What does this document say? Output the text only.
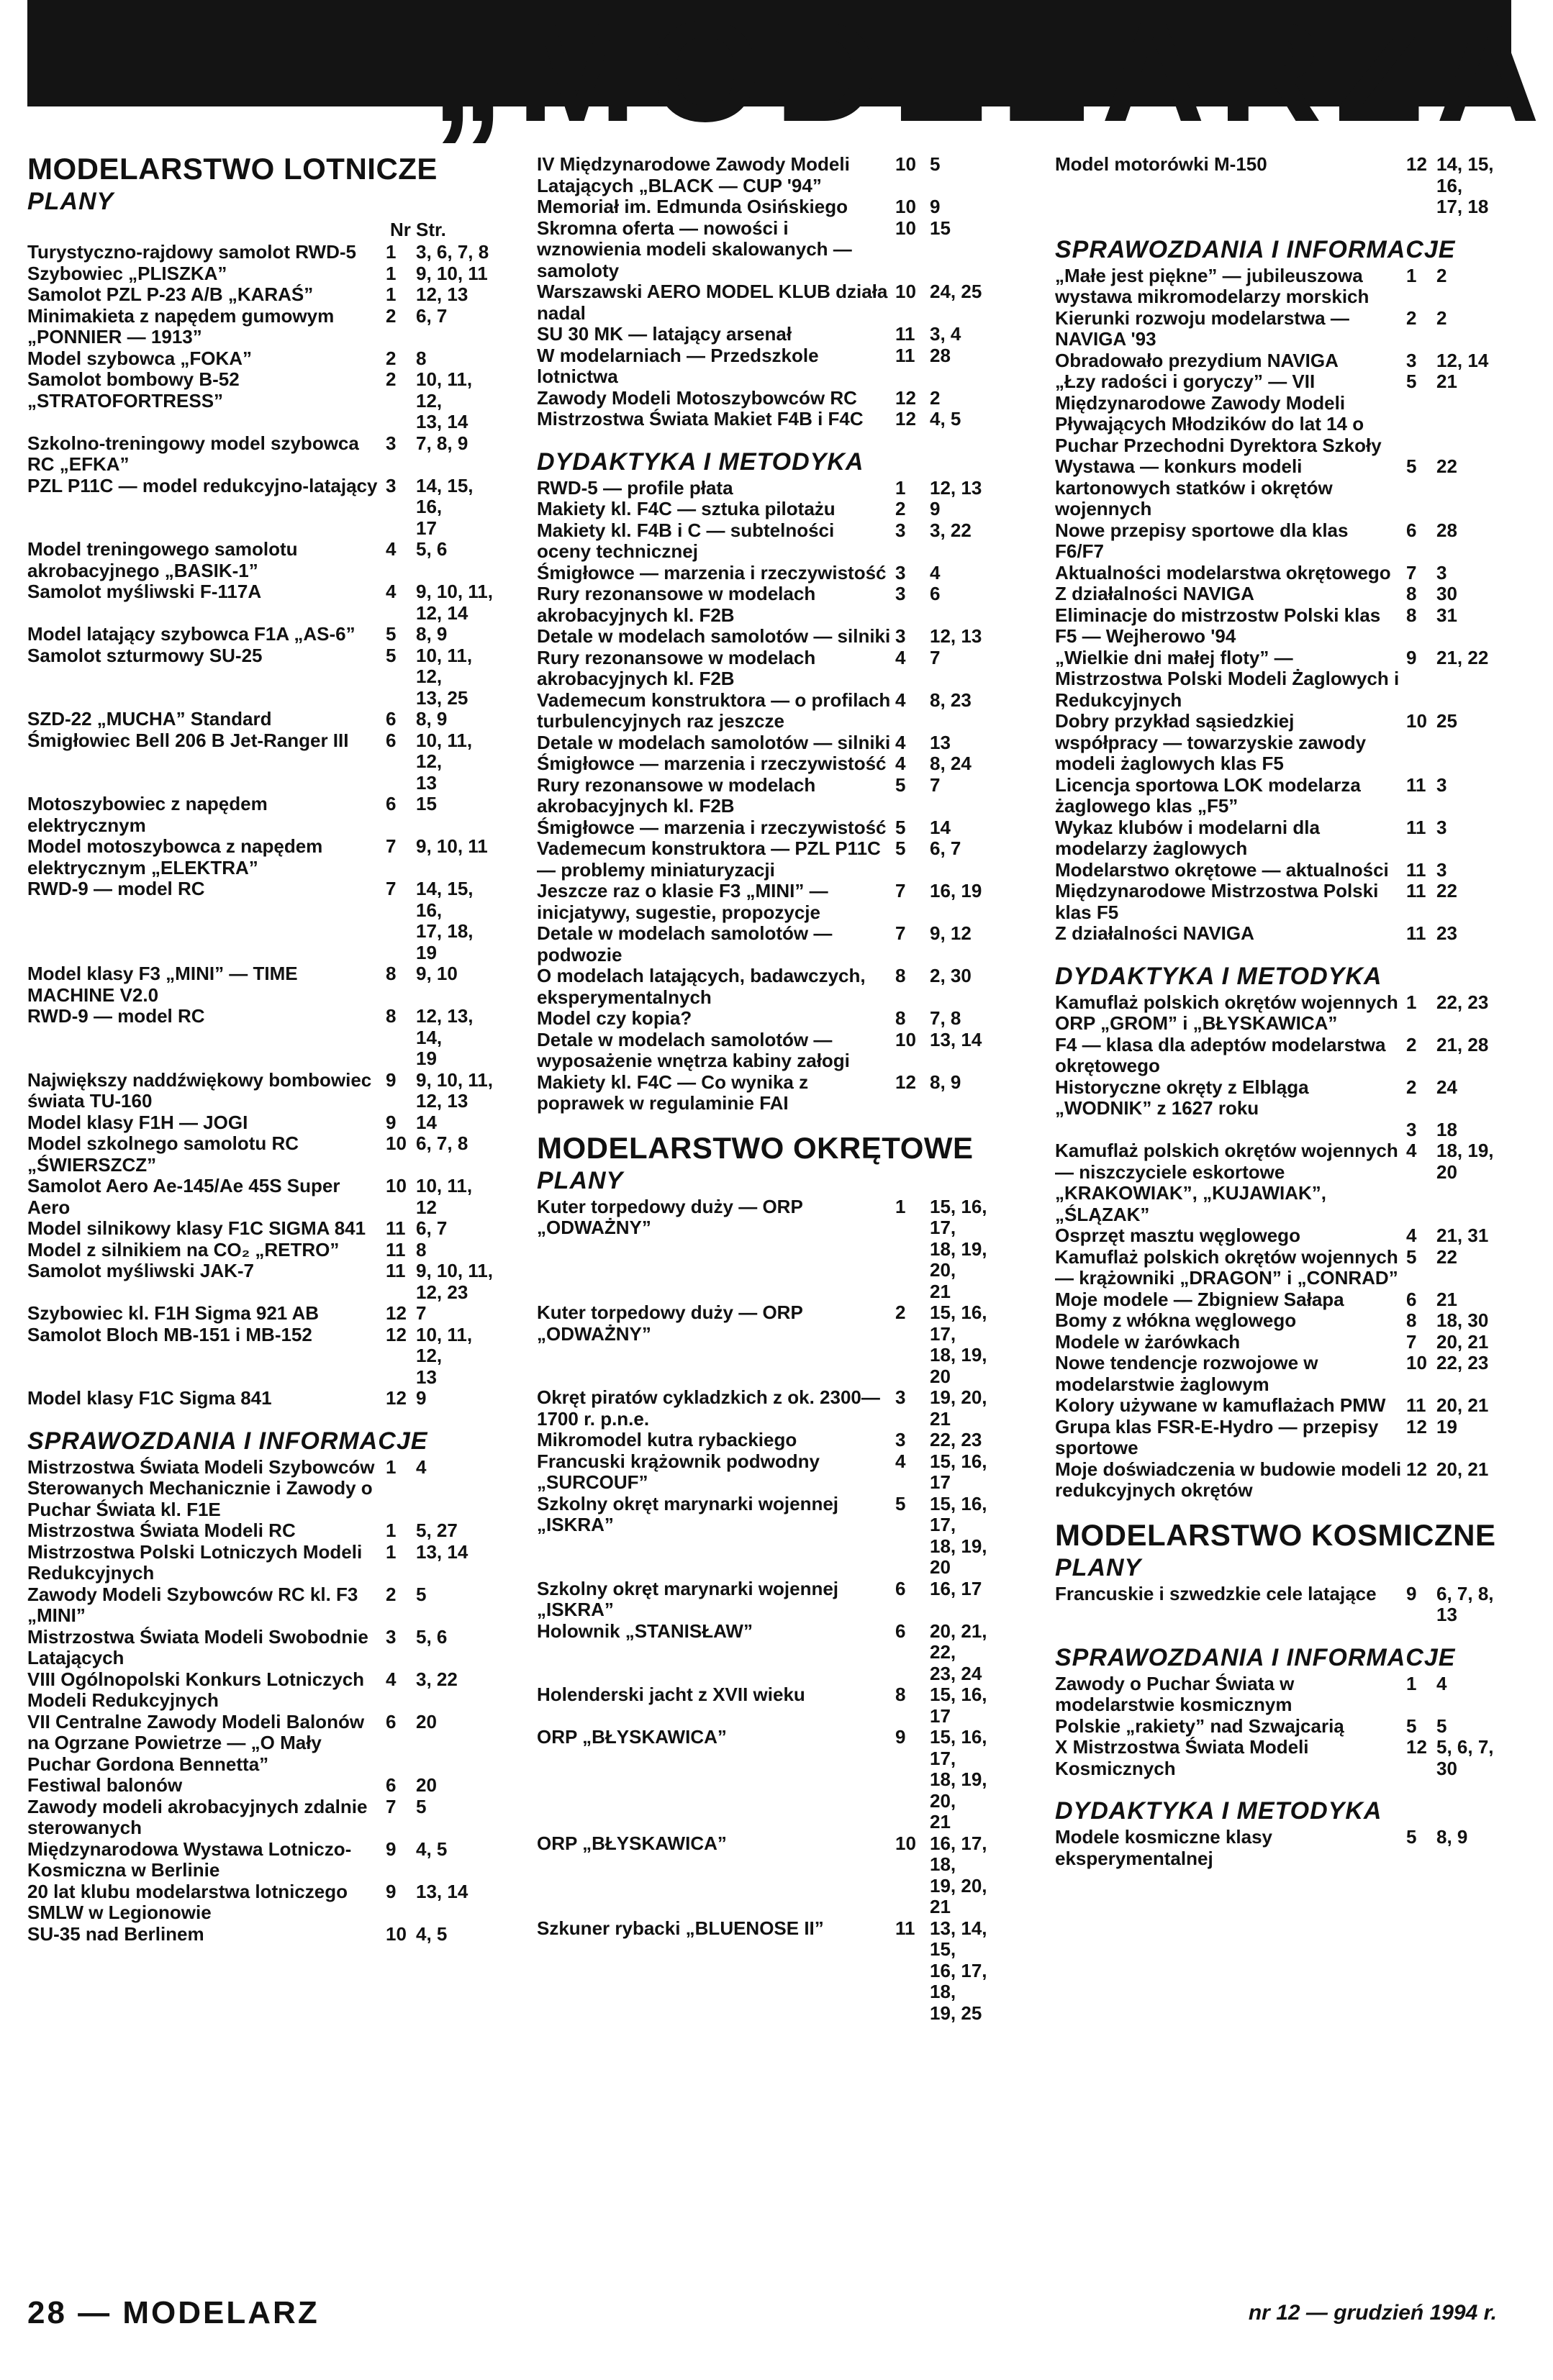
„MODELARZA
MODELARSTWO LOTNICZE
PLANY
Nr Str.
Turystyczno-rajdowy samolot RWD-5	1	3, 6, 7, 8
Szybowiec „PLISZKA”	1	9, 10, 11
Samolot PZL P-23 A/B „KARAŚ”	1	12, 13
Minimakieta z napędem gumowym „PONNIER — 1913”
2	6, 7
Model szybowca „FOKA”	2	8
Samolot bombowy B-52 „STRATOFORTRESS”
2	10, 11, 12,
13, 14
Szkolno-treningowy model szybowca RC „EFKA”
3	7, 8, 9
PZL P11C — model redukcyjno-latający 3	14, 15, 16,
17
Model treningowego samolotu akrobacyjnego „BASIK-1”
4	5, 6
Samolot myśliwski F-117A	4	9, 10, 11,
12, 14
Model latający szybowca F1A „AS-6”	5	8, 9
Samolot szturmowy SU-25	5	10, 11, 12,
13, 25
SZD-22 „MUCHA” Standard	6	8, 9
Śmigłowiec Bell 206 B Jet-Ranger III	6	10, 11, 12,
13
Motoszybowiec z napędem elektrycznym
6	15
Model motoszybowca z napędem elektrycznym „ELEKTRA”
7	9, 10, 11
RWD-9 — model RC	7	14, 15, 16,
17, 18, 19
Model klasy F3 „MINI” — TIME MACHINE V2.0
8	9, 10
RWD-9 — model RC	8	12, 13, 14,
19
Największy naddźwiękowy bombowiec świata TU-160
9	9, 10, 11,
12, 13
Model klasy F1H — JOGI	9	14
Model szkolnego samolotu RC „ŚWIERSZCZ”
10 6, 7, 8
Samolot Aero Ae-145/Ae 45S Super Aero
10 10, 11, 12
Model silnikowy klasy F1C SIGMA 841	11 6, 7
Model z silnikiem na CO₂ „RETRO”	11 8
Samolot myśliwski JAK-7	11 9, 10, 11,
12, 23
Szybowiec kl. F1H Sigma 921 AB	12 7
Samolot Bloch MB-151 i MB-152	12 10, 11, 12,
13
Model klasy F1C Sigma 841	12 9
SPRAWOZDANIA I INFORMACJE
Mistrzostwa Świata Modeli Szybowców Sterowanych Mechanicznie i Zawody o Puchar Świata kl. F1E
1	4
Mistrzostwa Świata Modeli RC	1	5, 27
Mistrzostwa Polski Lotniczych Modeli Redukcyjnych
1	13, 14
Zawody Modeli Szybowców RC kl. F3 „MINI”
2	5
Mistrzostwa Świata Modeli Swobodnie Latających
3	5, 6
VIII Ogólnopolski Konkurs Lotniczych Modeli Redukcyjnych
4	3, 22
VII Centralne Zawody Modeli Balonów na Ogrzane Powietrze — „O Mały Puchar Gordona Bennetta”
6	20
Festiwal balonów	6	20
Zawody modeli akrobacyjnych zdalnie sterowanych
7	5
Międzynarodowa Wystawa Lotniczo-Kosmiczna w Berlinie
9	4, 5
20 lat klubu modelarstwa lotniczego SMLW w Legionowie
9	13, 14
SU-35 nad Berlinem	10 4, 5
IV Międzynarodowe Zawody Modeli Latających „BLACK — CUP '94”
10 5
Memoriał im. Edmunda Osińskiego	10 9
Skromna oferta — nowości i wznowienia modeli skalowanych — samoloty
10 15
Warszawski AERO MODEL KLUB działa nadal
10 24, 25
SU 30 MK — latający arsenał	11 3, 4
W modelarniach — Przedszkole lotnictwa
11 28
Zawody Modeli Motoszybowców RC	12 2
Mistrzostwa Świata Makiet F4B i F4C	12 4, 5
DYDAKTYKA I METODYKA
RWD-5 — profile płata	1	12, 13
Makiety kl. F4C — sztuka pilotażu	2	9
Makiety kl. F4B i C — subtelności oceny technicznej
3	3, 22
Śmigłowce — marzenia i rzeczywistość 3	4
Rury rezonansowe w modelach akrobacyjnych kl. F2B
3	6
Detale w modelach samolotów — silniki 3	12, 13
Rury rezonansowe w modelach akrobacyjnych kl. F2B
4	7
Vademecum konstruktora — o profilach turbulencyjnych raz jeszcze
4	8, 23
Detale w modelach samolotów — silniki 4	13
Śmigłowce — marzenia i rzeczywistość 4	8, 24
Rury rezonansowe w modelach akrobacyjnych kl. F2B
5	7
Śmigłowce — marzenia i rzeczywistość 5	14
Vademecum konstruktora — PZL P11C — problemy miniaturyzacji
5	6, 7
Jeszcze raz o klasie F3 „MINI” — inicjatywy, sugestie, propozycje
7	16, 19
Detale w modelach samolotów — podwozie
7	9, 12
O modelach latających, badawczych, eksperymentalnych
8	2, 30
Model czy kopia?	8	7, 8
Detale w modelach samolotów — wyposażenie wnętrza kabiny załogi
10 13, 14
Makiety kl. F4C — Co wynika z poprawek w regulaminie FAI
12 8, 9
MODELARSTWO OKRĘTOWE
PLANY
Kuter torpedowy duży — ORP „ODWAŻNY”
1	15, 16, 17,
18, 19, 20,
21
Kuter torpedowy duży — ORP „ODWAŻNY”
2	15, 16, 17,
18, 19, 20
Okręt piratów cykladzkich z ok. 2300—1700 r. p.n.e.
3	19, 20, 21
Mikromodel kutra rybackiego	3	22, 23
Francuski krążownik podwodny „SURCOUF”
4	15, 16, 17
Szkolny okręt marynarki wojennej „ISKRA”
5	15, 16, 17,
18, 19, 20
Szkolny okręt marynarki wojennej „ISKRA”
6	16, 17
Holownik „STANISŁAW”	6	20, 21, 22,
23, 24
Holenderski jacht z XVII wieku	8	15, 16, 17
ORP „BŁYSKAWICA”	9	15, 16, 17,
18, 19, 20,
21
ORP „BŁYSKAWICA”	10 16, 17, 18,
19, 20, 21
Szkuner rybacki „BLUENOSE II”	11 13, 14, 15,
16, 17, 18,
19, 25
Model motorówki M-150	12 14, 15, 16,
17, 18
SPRAWOZDANIA I INFORMACJE
„Małe jest piękne” — jubileuszowa wystawa mikromodelarzy morskich
1	2
Kierunki rozwoju modelarstwa — NAVIGA '93
2	2
Obradowało prezydium NAVIGA	3	12, 14
„Łzy radości i goryczy” — VII Międzynarodowe Zawody Modeli Pływających Młodzików do lat 14 o Puchar Przechodni Dyrektora Szkoły
5	21
Wystawa — konkurs modeli kartonowych statków i okrętów wojennych
5	22
Nowe przepisy sportowe dla klas F6/F7
6	28
Aktualności modelarstwa okrętowego 7	3
Z działalności NAVIGA	8	30
Eliminacje do mistrzostw Polski klas F5 — Wejherowo '94
8	31
„Wielkie dni małej floty” — Mistrzostwa Polski Modeli Żaglowych i Redukcyjnych
9	21, 22
Dobry przykład sąsiedzkiej współpracy — towarzyskie zawody modeli żaglowych klas F5
10 25
Licencja sportowa LOK modelarza żaglowego klas „F5”
11 3
Wykaz klubów i modelarni dla modelarzy żaglowych
11 3
Modelarstwo okrętowe — aktualności 11 3
Międzynarodowe Mistrzostwa Polski klas F5
11 22
Z działalności NAVIGA	11 23
DYDAKTYKA I METODYKA
Kamuflaż polskich okrętów wojennych ORP „GROM” i „BŁYSKAWICA”
1	22, 23
F4 — klasa dla adeptów modelarstwa okrętowego
2	21, 28
Historyczne okręty z Elbląga „WODNIK” z 1627 roku
2	24
3	18
Kamuflaż polskich okrętów wojennych — niszczyciele eskortowe „KRAKOWIAK”, „KUJAWIAK”, „ŚLĄZAK”
4	18, 19, 20
Osprzęt masztu węglowego	4	21, 31
Kamuflaż polskich okrętów wojennych — krążowniki „DRAGON” i „CONRAD”
5	22
Moje modele — Zbigniew Sałapa	6	21
Bomy z włókna węglowego	8	18, 30
Modele w żarówkach	7	20, 21
Nowe tendencje rozwojowe w modelarstwie żaglowym
10 22, 23
Kolory używane w kamuflażach PMW	11 20, 21
Grupa klas FSR-E-Hydro — przepisy sportowe
12 19
Moje doświadczenia w budowie modeli redukcyjnych okrętów
12 20, 21
MODELARSTWO KOSMICZNE
PLANY
Francuskie i szwedzkie cele latające	9	6, 7, 8,
13
SPRAWOZDANIA I INFORMACJE
Zawody o Puchar Świata w modelarstwie kosmicznym
1	4
Polskie „rakiety” nad Szwajcarią	5	5
X Mistrzostwa Świata Modeli Kosmicznych
12 5, 6, 7, 30
DYDAKTYKA I METODYKA
Modele kosmiczne klasy eksperymentalnej
5	8, 9
28 — MODELARZ	nr 12 — grudzień 1994 r.
